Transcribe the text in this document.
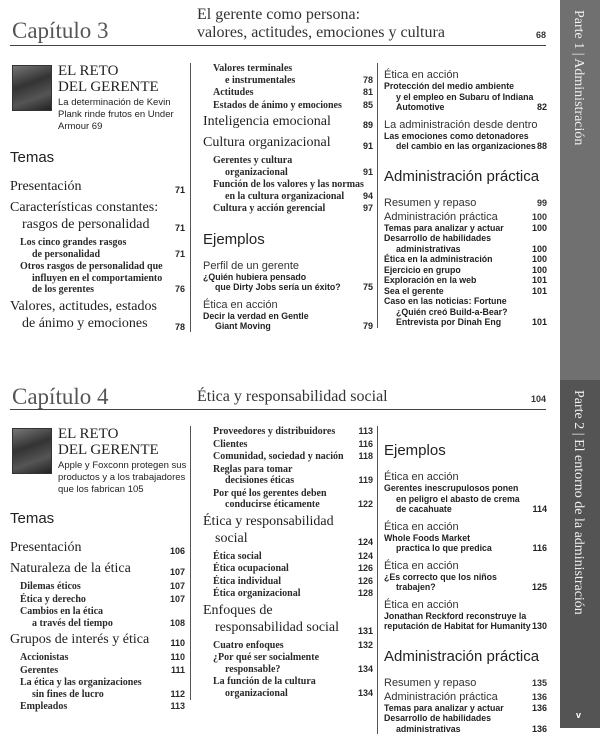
Capítulo 3
El gerente como persona:
valores, actitudes, emociones y cultura	68
EL RETO
DEL GERENTE
La determinación de Kevin Plank rinde frutos en Under Armour 69
Temas
Presentación	71
Características constantes:
rasgos de personalidad	71
Los cinco grandes rasgos
de personalidad	71
Otros rasgos de personalidad que
influyen en el comportamiento
de los gerentes	76
Valores, actitudes, estados
de ánimo y emociones	78
Valores terminales
e instrumentales	78
Actitudes	81
Estados de ánimo y emociones 85
Inteligencia emocional	89
Cultura organizacional	91
Gerentes y cultura
organizacional	91
Función de los valores y las normas
en la cultura organizacional 94
Cultura y acción gerencial	97
Ejemplos
Perfil de un gerente
¿Quién hubiera pensado
que Dirty Jobs sería un éxito? 75
Ética en acción
Decir la verdad en Gentle
Giant Moving	79
Ética en acción
Protección del medio ambiente
y el empleo en Subaru of Indiana
Automotive	82
La administración desde dentro
Las emociones como detonadores
del cambio en las organizaciones 88
Administración práctica
Resumen y repaso	99
Administración práctica	100
Temas para analizar y actuar	100
Desarrollo de habilidades
administrativas	100
Ética en la administración	100
Ejercicio en grupo	100
Exploración en la web	101
Sea el gerente	101
Caso en las noticias: Fortune
¿Quién creó Build-a-Bear?
Entrevista por Dinah Eng	101
Capítulo 4	Ética y responsabilidad social	104
EL RETO
DEL GERENTE
Apple y Foxconn protegen sus productos y a los trabajadores que los fabrican 105
Temas
Presentación	106
Naturaleza de la ética	107
Dilemas éticos	107
Ética y derecho	107
Cambios en la ética
a través del tiempo	108
Grupos de interés y ética 110
Accionistas	110
Gerentes	111
La ética y las organizaciones
sin fines de lucro	112
Empleados	113
Proveedores y distribuidores	113
Clientes	116
Comunidad, sociedad y nación 118
Reglas para tomar
decisiones éticas	119
Por qué los gerentes deben
conducirse éticamente	122
Ética y responsabilidad
social	124
Ética social	124
Ética ocupacional	126
Ética individual	126
Ética organizacional	128
Enfoques de
responsabilidad social 131
Cuatro enfoques	132
¿Por qué ser socialmente
responsable?	134
La función de la cultura
organizacional	134
Ejemplos
Ética en acción
Gerentes inescrupulosos ponen
en peligro el abasto de crema
de cacahuate	114
Ética en acción
Whole Foods Market
practica lo que predica	116
Ética en acción
¿Es correcto que los niños
trabajen?	125
Ética en acción
Jonathan Reckford reconstruye la
reputación de Habitat for Humanity 130
Administración práctica
Resumen y repaso	135
Administración práctica	136
Temas para analizar y actuar	136
Desarrollo de habilidades
administrativas	136
Parte 1 | Administración
Parte 2 | El entorno de la administración
v
